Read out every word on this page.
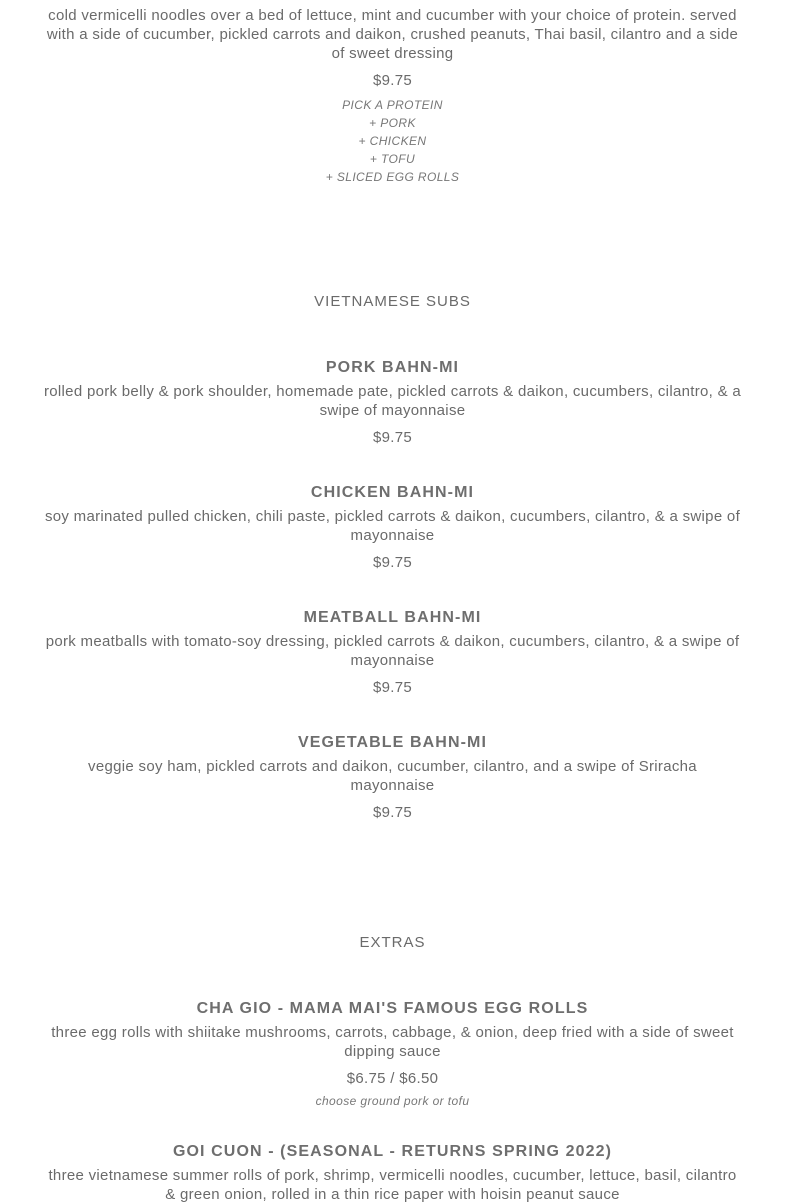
cold vermicelli noodles over a bed of lettuce, mint and cucumber with your choice of protein. served with a side of cucumber, pickled carrots and daikon, crushed peanuts, Thai basil, cilantro and a side of sweet dressing
$9.75
PICK A PROTEIN
+ PORK
+ CHICKEN
+ TOFU
+ SLICED EGG ROLLS
VIETNAMESE SUBS
PORK BAHN-MI
rolled pork belly & pork shoulder, homemade pate, pickled carrots & daikon, cucumbers, cilantro, & a swipe of mayonnaise
$9.75
CHICKEN BAHN-MI
soy marinated pulled chicken, chili paste, pickled carrots & daikon, cucumbers, cilantro, & a swipe of mayonnaise
$9.75
MEATBALL BAHN-MI
pork meatballs with tomato-soy dressing, pickled carrots & daikon, cucumbers, cilantro, & a swipe of mayonnaise
$9.75
VEGETABLE BAHN-MI
veggie soy ham, pickled carrots and daikon, cucumber, cilantro, and a swipe of Sriracha mayonnaise
$9.75
EXTRAS
CHA GIO - MAMA MAI'S FAMOUS EGG ROLLS
three egg rolls with shiitake mushrooms, carrots, cabbage, & onion, deep fried with a side of sweet dipping sauce
$6.75 / $6.50
choose ground pork or tofu
GOI CUON - (SEASONAL - RETURNS SPRING 2022)
three vietnamese summer rolls of pork, shrimp, vermicelli noodles, cucumber, lettuce, basil, cilantro & green onion, rolled in a thin rice paper with hoisin peanut sauce
